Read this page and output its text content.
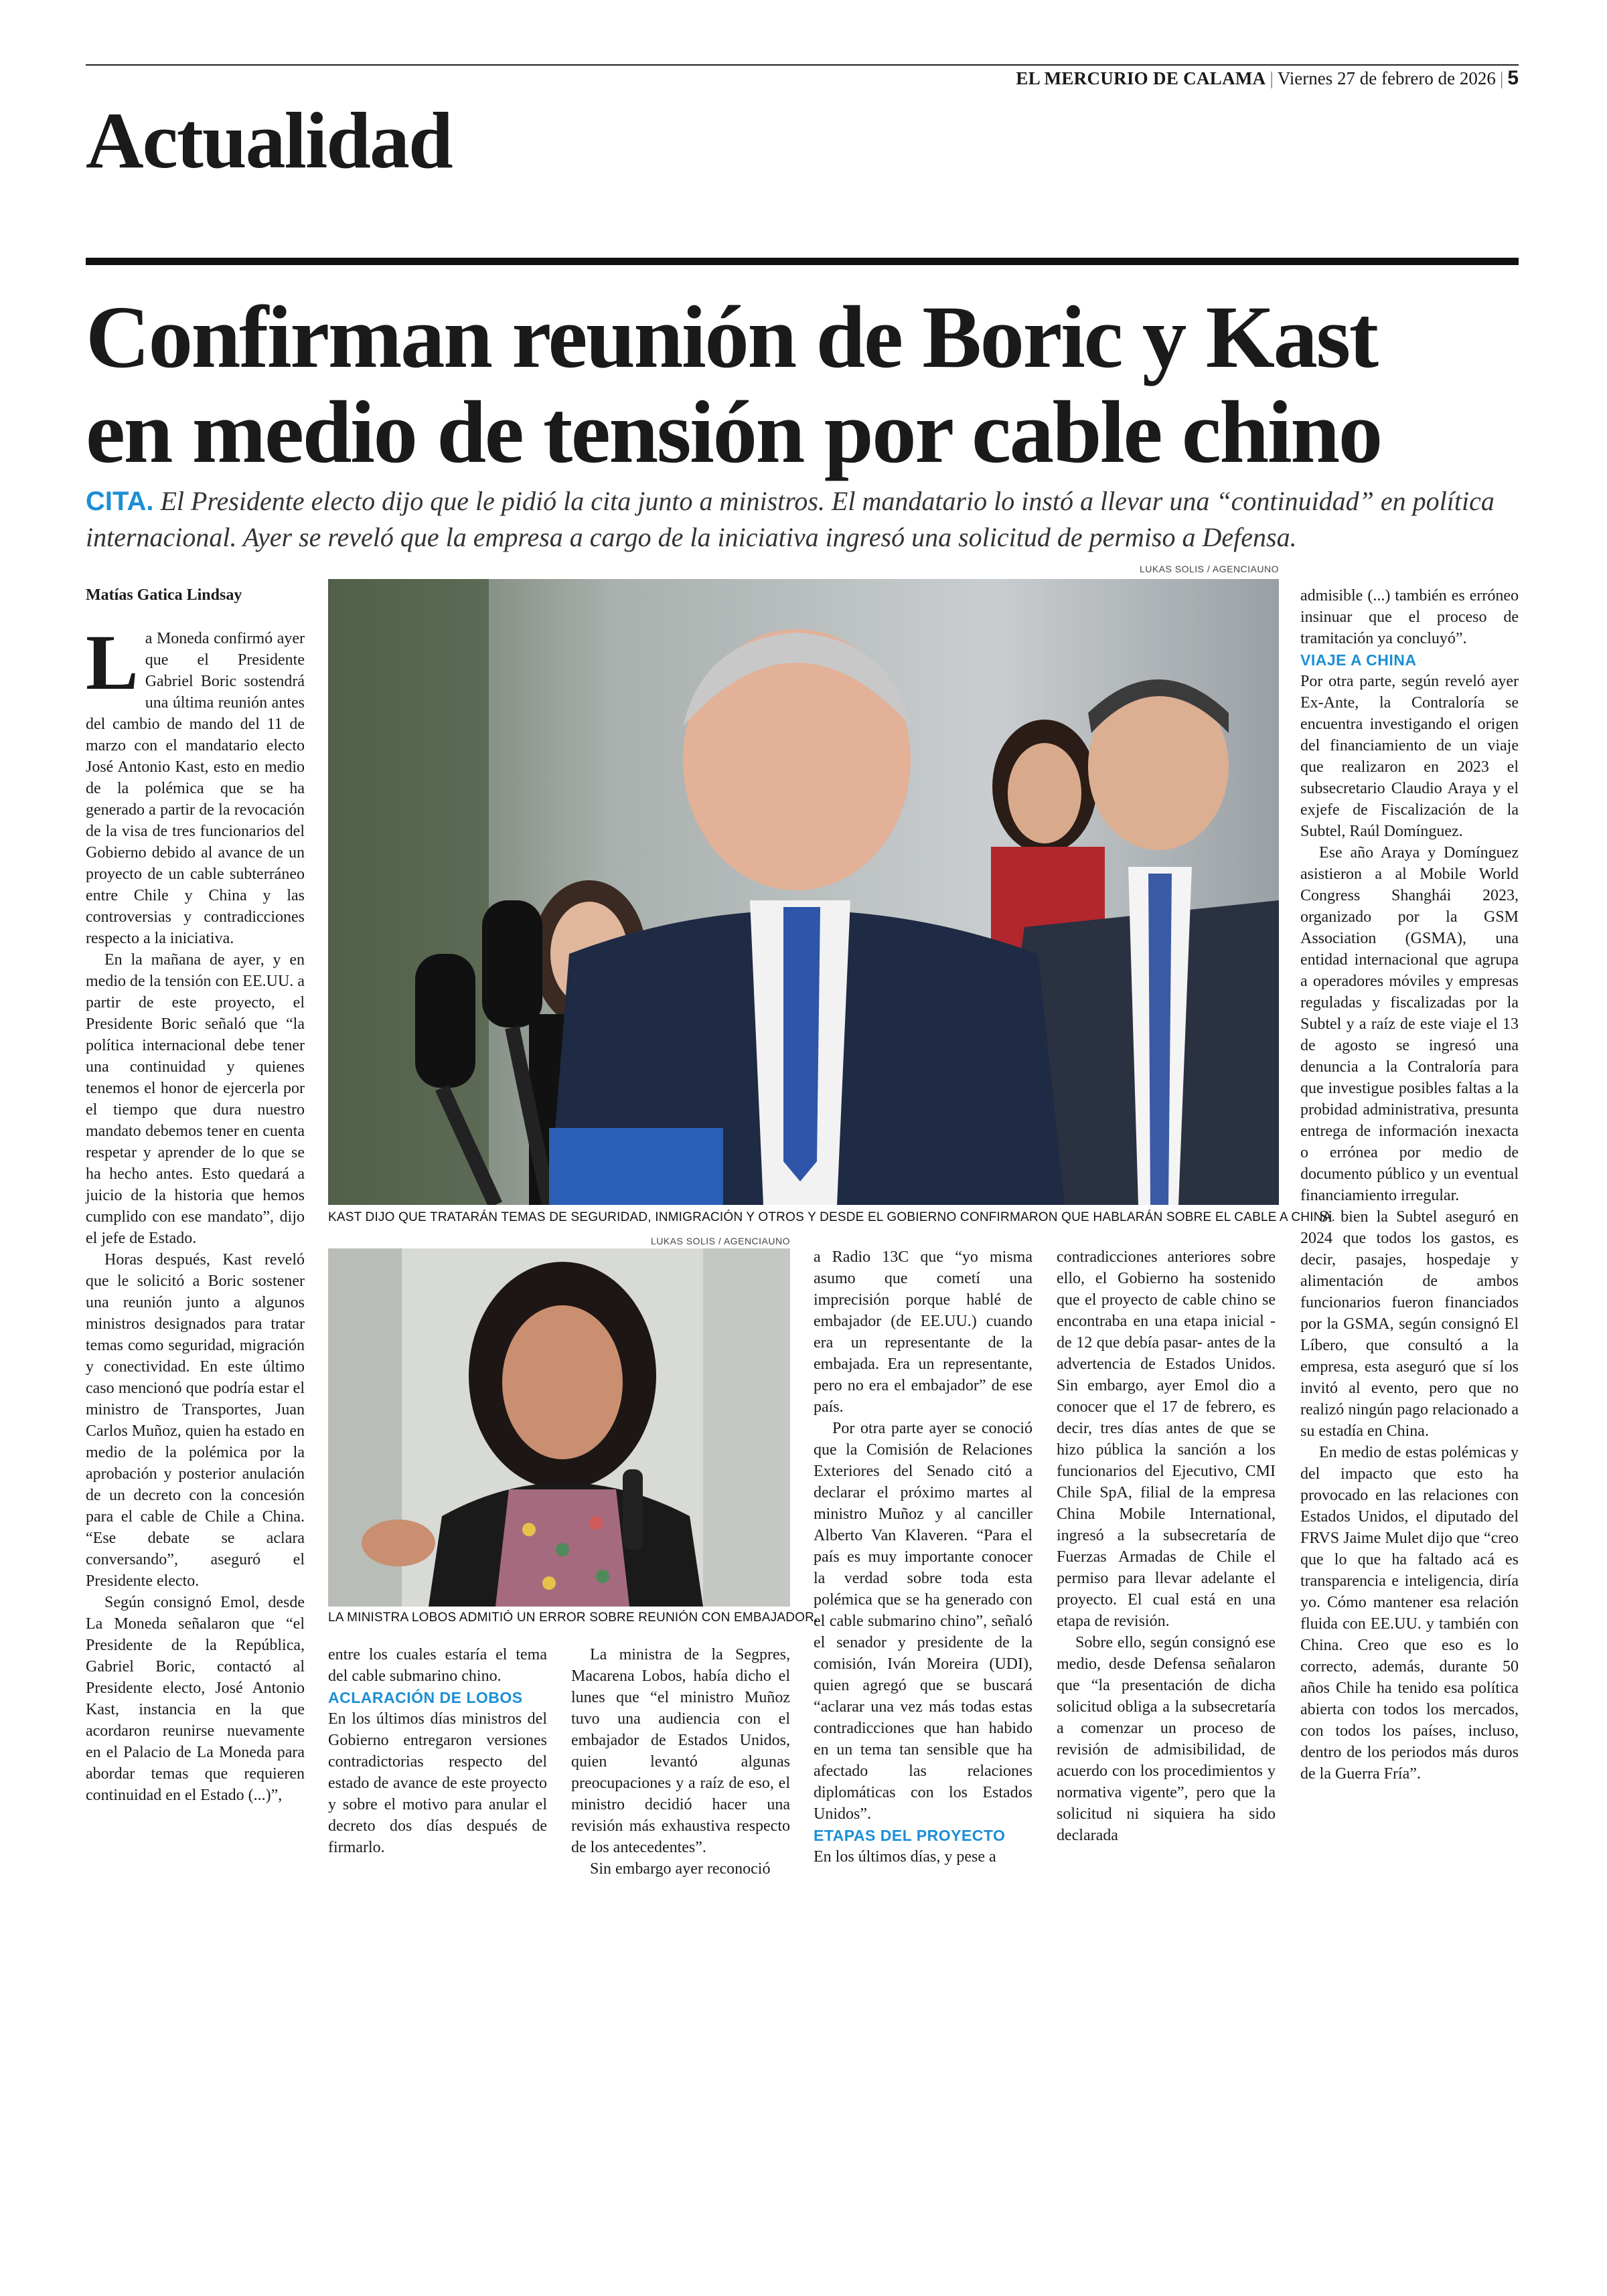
EL MERCURIO DE CALAMA | Viernes 27 de febrero de 2026 | 5
Actualidad
Confirman reunión de Boric y Kast
en medio de tensión por cable chino
CITA. El Presidente electo dijo que le pidió la cita junto a ministros. El mandatario lo instó a llevar una “continuidad” en política internacional. Ayer se reveló que la empresa a cargo de la iniciativa ingresó una solicitud de permiso a Defensa.
LUKAS SOLIS / AGENCIAUNO
KAST DIJO QUE TRATARÁN TEMAS DE SEGURIDAD, INMIGRACIÓN Y OTROS Y DESDE EL GOBIERNO CONFIRMARON QUE HABLARÁN SOBRE EL CABLE A CHINA.
LUKAS SOLIS / AGENCIAUNO
LA MINISTRA LOBOS ADMITIÓ UN ERROR SOBRE REUNIÓN CON EMBAJADOR.
Matías Gatica Lindsay

La Moneda confirmó ayer que el Presidente Gabriel Boric sostendrá una última reunión antes del cambio de mando del 11 de marzo con el mandatario electo José Antonio Kast, esto en medio de la polémica que se ha generado a partir de la revocación de la visa de tres funcionarios del Gobierno debido al avance de un proyecto de un cable subterráneo entre Chile y China y las controversias y contradicciones respecto a la iniciativa.

En la mañana de ayer, y en medio de la tensión con EE.UU. a partir de este proyecto, el Presidente Boric señaló que “la política internacional debe tener una continuidad y quienes tenemos el honor de ejercerla por el tiempo que dura nuestro mandato debemos tener en cuenta respetar y aprender de lo que se ha hecho antes. Esto quedará a juicio de la historia que hemos cumplido con ese mandato”, dijo el jefe de Estado.

Horas después, Kast reveló que le solicitó a Boric sostener una reunión junto a algunos ministros designados para tratar temas como seguridad, migración y conectividad. En este último caso mencionó que podría estar el ministro de Transportes, Juan Carlos Muñoz, quien ha estado en medio de la polémica por la aprobación y posterior anulación de un decreto con la concesión para el cable de Chile a China. “Ese debate se aclara conversando”, aseguró el Presidente electo.

Según consignó Emol, desde La Moneda señalaron que “el Presidente de la República, Gabriel Boric, contactó al Presidente electo, José Antonio Kast, instancia en la que acordaron reunirse nuevamente en el Palacio de La Moneda para abordar temas que requieren continuidad en el Estado (...)”,

entre los cuales estaría el tema del cable submarino chino.

ACLARACIÓN DE LOBOS

En los últimos días ministros del Gobierno entregaron versiones contradictorias respecto del estado de avance de este proyecto y sobre el motivo para anular el decreto dos días después de firmarlo.

La ministra de la Segpres, Macarena Lobos, había dicho el lunes que “el ministro Muñoz tuvo una audiencia con el embajador de Estados Unidos, quien levantó algunas preocupaciones y a raíz de eso, el ministro decidió hacer una revisión más exhaustiva respecto de los antecedentes”.

Sin embargo ayer reconoció

a Radio 13C que “yo misma asumo que cometí una imprecisión porque hablé de embajador (de EE.UU.) cuando era un representante de la embajada. Era un representante, pero no era el embajador” de ese país.

Por otra parte ayer se conoció que la Comisión de Relaciones Exteriores del Senado citó a declarar el próximo martes al ministro Muñoz y al canciller Alberto Van Klaveren. “Para el país es muy importante conocer la verdad sobre toda esta polémica que se ha generado con el cable submarino chino”, señaló el senador y presidente de la comisión, Iván Moreira (UDI), quien agregó que se buscará “aclarar una vez más todas estas contradicciones que han habido en un tema tan sensible que ha afectado las relaciones diplomáticas con los Estados Unidos”.

ETAPAS DEL PROYECTO

En los últimos días, y pese a

contradicciones anteriores sobre ello, el Gobierno ha sostenido que el proyecto de cable chino se encontraba en una etapa inicial -de 12 que debía pasar- antes de la advertencia de Estados Unidos. Sin embargo, ayer Emol dio a conocer que el 17 de febrero, es decir, tres días antes de que se hizo pública la sanción a los funcionarios del Ejecutivo, CMI Chile SpA, filial de la empresa China Mobile International, ingresó a la subsecretaría de Fuerzas Armadas de Chile el permiso para llevar adelante el proyecto. El cual está en una etapa de revisión.

Sobre ello, según consignó ese medio, desde Defensa señalaron que “la presentación de dicha solicitud obliga a la subsecretaría a comenzar un proceso de revisión de admisibilidad, de acuerdo con los procedimientos y normativa vigente”, pero que la solicitud ni siquiera ha sido declarada

admisible (...) también es erróneo insinuar que el proceso de tramitación ya concluyó”.

VIAJE A CHINA

Por otra parte, según reveló ayer Ex-Ante, la Contraloría se encuentra investigando el origen del financiamiento de un viaje que realizaron en 2023 el subsecretario Claudio Araya y el exjefe de Fiscalización de la Subtel, Raúl Domínguez.

Ese año Araya y Domínguez asistieron a al Mobile World Congress Shanghái 2023, organizado por la GSM Association (GSMA), una entidad internacional que agrupa a operadores móviles y empresas reguladas y fiscalizadas por la Subtel y a raíz de este viaje el 13 de agosto se ingresó una denuncia a la Contraloría para que investigue posibles faltas a la probidad administrativa, presunta entrega de información inexacta o errónea por medio de documento público y un eventual financiamiento irregular.

Si bien la Subtel aseguró en 2024 que todos los gastos, es decir, pasajes, hospedaje y alimentación de ambos funcionarios fueron financiados por la GSMA, según consignó El Líbero, que consultó a la empresa, esta aseguró que sí los invitó al evento, pero que no realizó ningún pago relacionado a su estadía en China.

En medio de estas polémicas y del impacto que esto ha provocado en las relaciones con Estados Unidos, el diputado del FRVS Jaime Mulet dijo que “creo que lo que ha faltado acá es transparencia e inteligencia, diría yo. Cómo mantener esa relación fluida con EE.UU. y también con China. Creo que eso es lo correcto, además, durante 50 años Chile ha tenido esa política abierta con todos los mercados, con todos los países, incluso, dentro de los periodos más duros de la Guerra Fría”.
